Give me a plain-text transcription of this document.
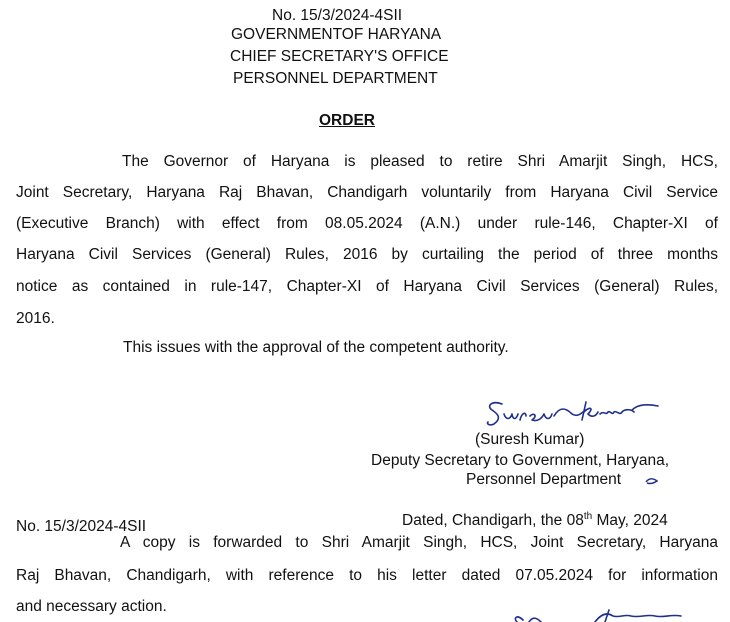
No. 15/3/2024-4SII
GOVERNMENTOF HARYANA
CHIEF SECRETARY'S OFFICE
PERSONNEL DEPARTMENT
ORDER
The Governor of Haryana is pleased to retire Shri Amarjit Singh, HCS,
Joint Secretary, Haryana Raj Bhavan, Chandigarh voluntarily from Haryana Civil Service
(Executive Branch) with effect from 08.05.2024 (A.N.) under rule-146, Chapter-XI of
Haryana Civil Services (General) Rules, 2016 by curtailing the period of three months
notice as contained in rule-147, Chapter-XI of Haryana Civil Services (General) Rules,
2016.
This issues with the approval of the competent authority.
(Suresh Kumar)
Deputy Secretary to Government, Haryana,
Personnel Department
No. 15/3/2024-4SII	Dated, Chandigarh, the 08th May, 2024
A copy is forwarded to Shri Amarjit Singh, HCS, Joint Secretary, Haryana
Raj Bhavan, Chandigarh, with reference to his letter dated 07.05.2024 for information
and necessary action.
